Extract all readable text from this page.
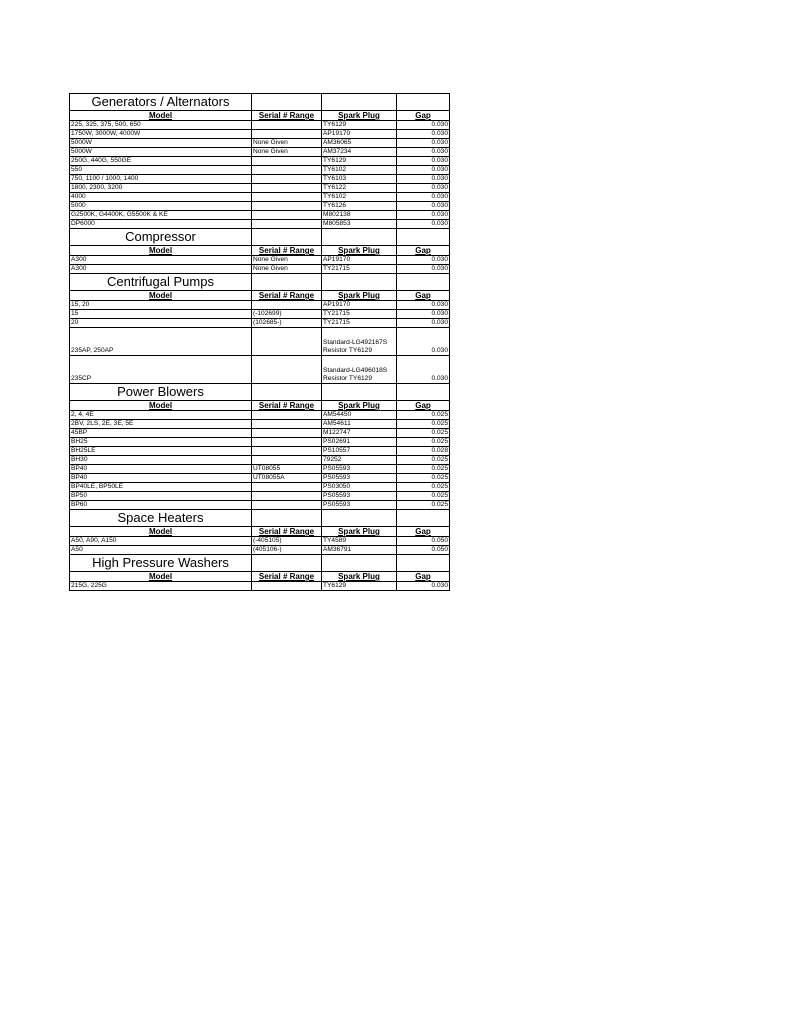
Generators / Alternators			
Model	Serial # Range	Spark Plug	Gap
225, 325, 375, 500, 650		TY6129	0.030
1750W, 3000W, 4000W		AP19170	0.030
5000W	None Given	AM36065	0.030
5000W	None Given	AM37234	0.030
250G, 440G, 550GE		TY6129	0.030
550		TY6102	0.030
750, 1100 / 1000, 1400		TY6103	0.030
1800, 2300, 3200		TY6122	0.030
4000		TY6102	0.030
5000		TY6126	0.030
G2500K, G4400K, G5500K & KE		M802138	0.030
DP6000		M805853	0.030
Compressor			
Model	Serial # Range	Spark Plug	Gap
A300	None Given	AP19170	0.030
A300	None Given	TY21715	0.030
Centrifugal Pumps			
Model	Serial # Range	Spark Plug	Gap
15, 20		AP19170	0.030
15	(-102699)	TY21715	0.030
20	(102685-)	TY21715	0.030
235AP, 250AP		Standard-LG492167S Resistor TY6129	0.030
235CP		Standard-LG496018S Resistor TY6129	0.030
Power Blowers			
Model	Serial # Range	Spark Plug	Gap
2, 4, 4E		AM54450	0.025
2BV, 2LS, 2E, 3E, 5E		AM54611	0.025
45BP		M122747	0.025
BH25		PS02691	0.025
BH25LE		PS10557	0.028
BH30		79252	0.025
BP40	UT08055	PS05593	0.025
BP40	UT08055A	PS05593	0.025
BP40LE, BP50LE		PS03050	0.025
BP50		PS05593	0.025
BP60		PS05593	0.025
Space Heaters			
Model	Serial # Range	Spark Plug	Gap
A50, A90, A150	(-405105)	TY4589	0.050
A50	(405106-)	AM36791	0.050
High Pressure Washers			
Model	Serial # Range	Spark Plug	Gap
215G, 225G		TY6129	0.030
